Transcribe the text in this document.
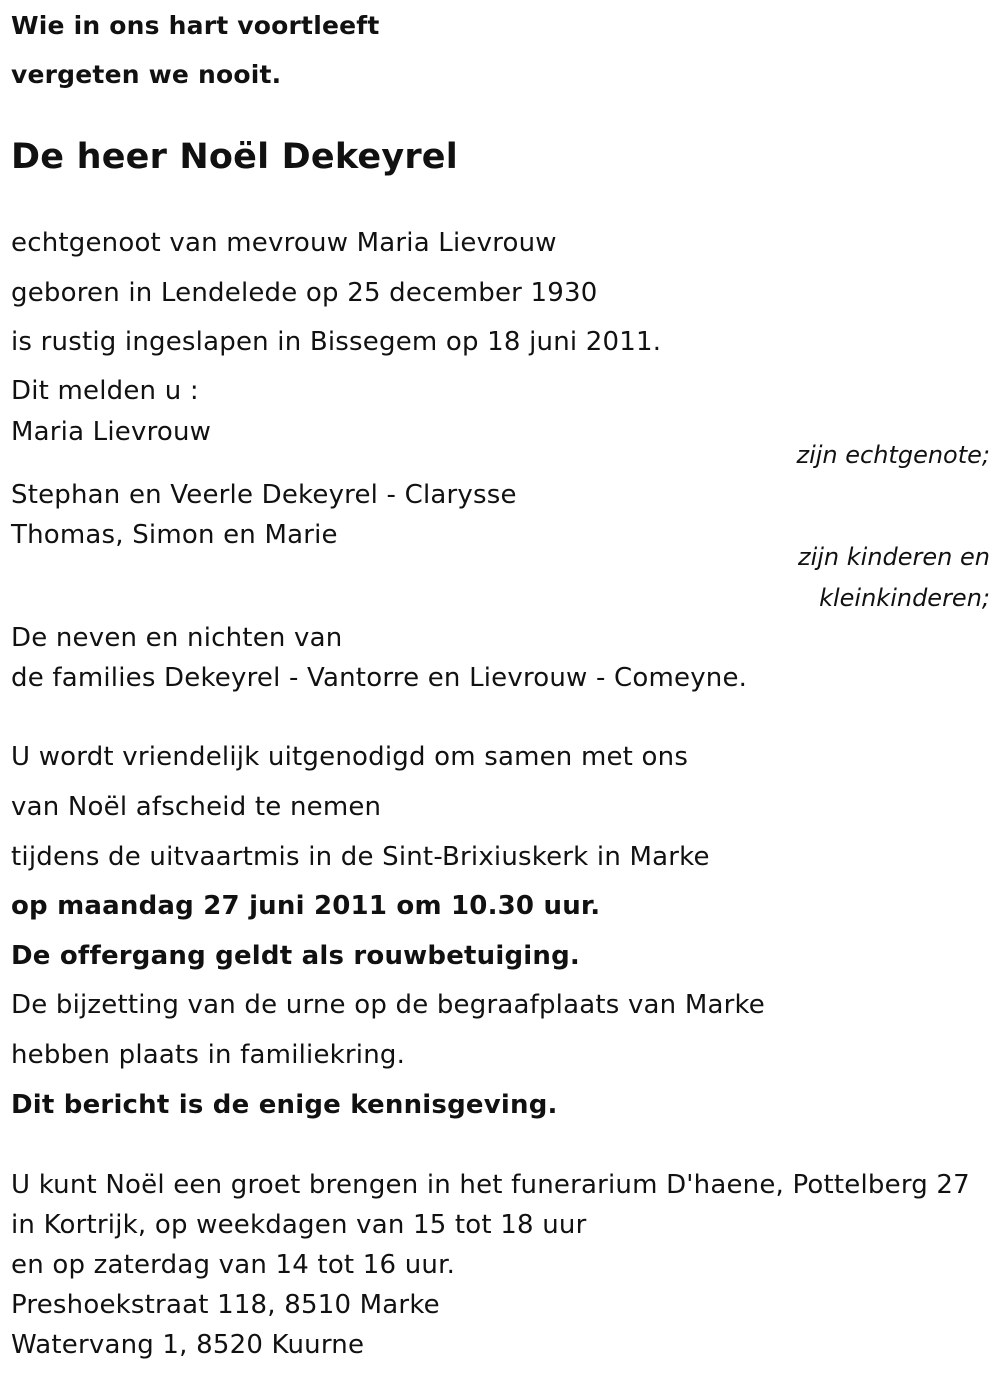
Wie in ons hart voortleeft
vergeten we nooit.
De heer Noël Dekeyrel
echtgenoot van mevrouw Maria Lievrouw
geboren in Lendelede op 25 december 1930
is rustig ingeslapen in Bissegem op 18 juni 2011.
Dit melden u :
Maria Lievrouw
zijn echtgenote;
Stephan en Veerle Dekeyrel - Clarysse
Thomas, Simon en Marie
zijn kinderen en
kleinkinderen;
De neven en nichten van
de families Dekeyrel - Vantorre en Lievrouw - Comeyne.
U wordt vriendelijk uitgenodigd om samen met ons
van Noël afscheid te nemen
tijdens de uitvaartmis in de Sint-Brixiuskerk in Marke
op maandag 27 juni 2011 om 10.30 uur.
De offergang geldt als rouwbetuiging.
De bijzetting van de urne op de begraafplaats van Marke
hebben plaats in familiekring.
Dit bericht is de enige kennisgeving.
U kunt Noël een groet brengen in het funerarium D'haene, Pottelberg 27
in Kortrijk, op weekdagen van 15 tot 18 uur
en op zaterdag van 14 tot 16 uur.
Preshoekstraat 118, 8510 Marke
Watervang 1, 8520 Kuurne
